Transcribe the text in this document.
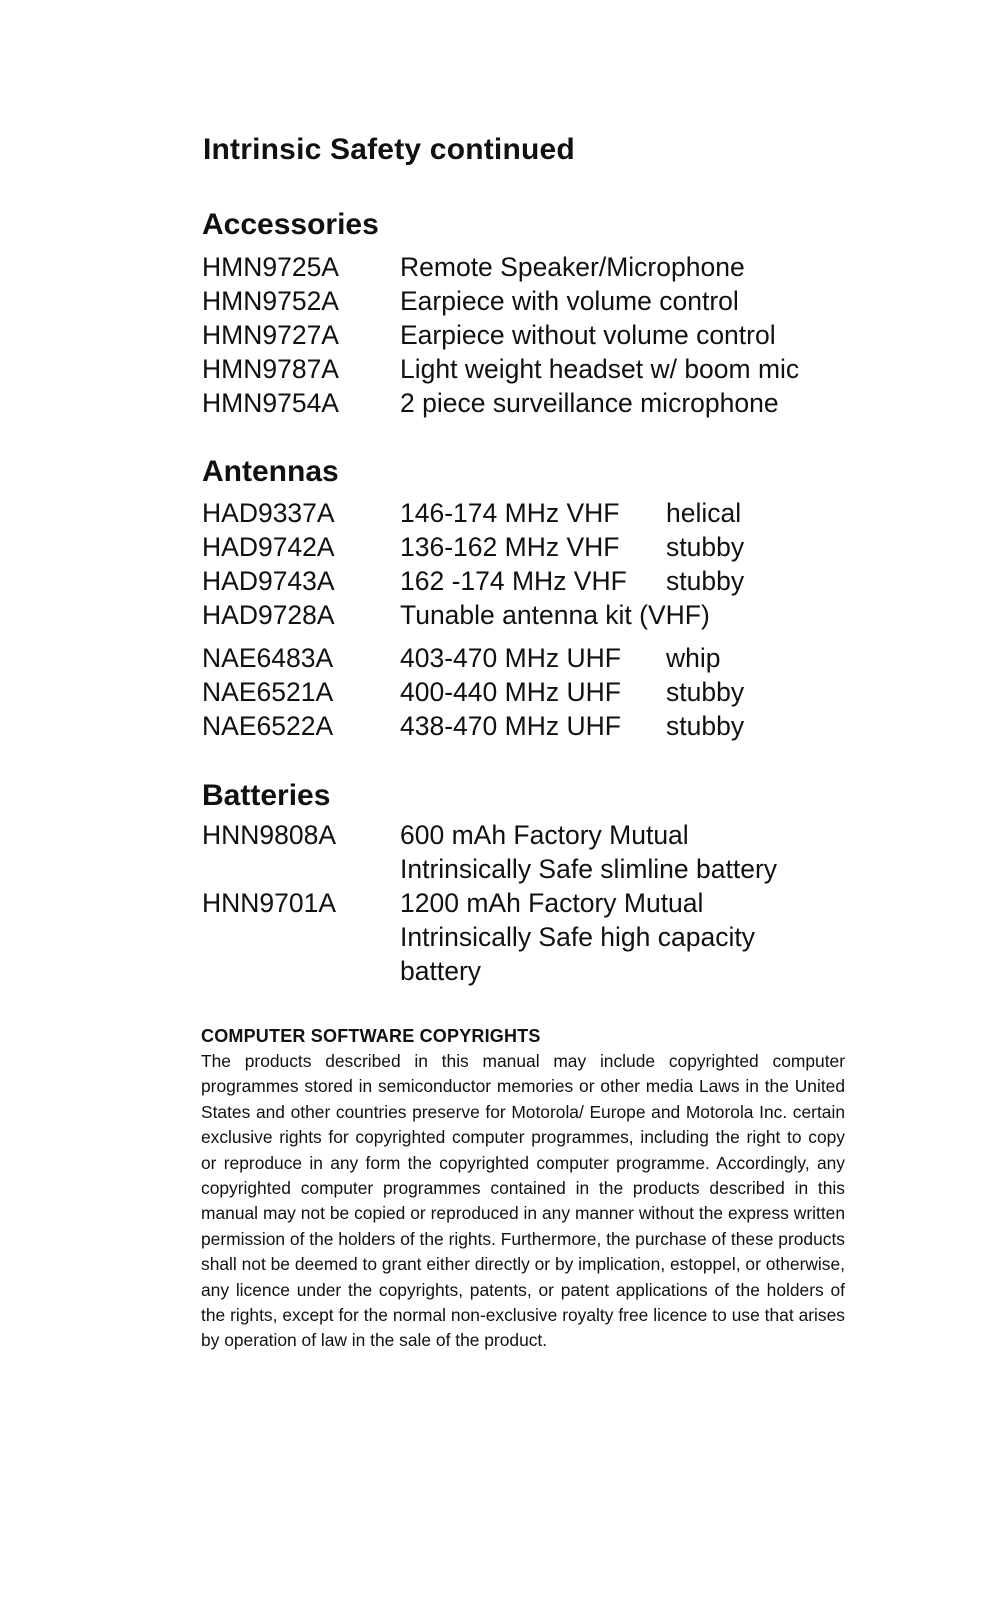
Intrinsic Safety continued
Accessories
HMN9725A Remote Speaker/Microphone
HMN9752A Earpiece with volume control
HMN9727A Earpiece without volume control
HMN9787A Light weight headset w/ boom mic
HMN9754A 2 piece surveillance microphone
Antennas
HAD9337A 146-174 MHz VHF helical
HAD9742A 136-162 MHz VHF stubby
HAD9743A 162 -174 MHz VHF stubby
HAD9728A Tunable antenna kit (VHF)
NAE6483A	403-470 MHz UHF whip
NAE6521A	400-440 MHz UHF stubby
NAE6522A	438-470 MHz UHF stubby
Batteries
HNN9808A 600 mAh Factory Mutual Intrinsically Safe slimline battery
HNN9701A 1200 mAh Factory Mutual Intrinsically Safe high capacity battery
COMPUTER SOFTWARE COPYRIGHTS

The products described in this manual may include copyrighted computer programmes stored in semiconductor memories or other media Laws in the United States and other countries preserve for Motorola/ Europe and Motorola Inc. certain exclusive rights for copyrighted computer programmes, including the right to copy or reproduce in any form the copyrighted computer programme. Accordingly, any copyrighted computer programmes contained in the products described in this manual may not be copied or reproduced in any manner without the express written permission of the holders of the rights. Furthermore, the purchase of these products shall not be deemed to grant either directly or by implication, estoppel, or otherwise, any licence under the copyrights, patents, or patent applications of the holders of the rights, except for the normal non-exclusive royalty free licence to use that arises by operation of law in the sale of the product.
